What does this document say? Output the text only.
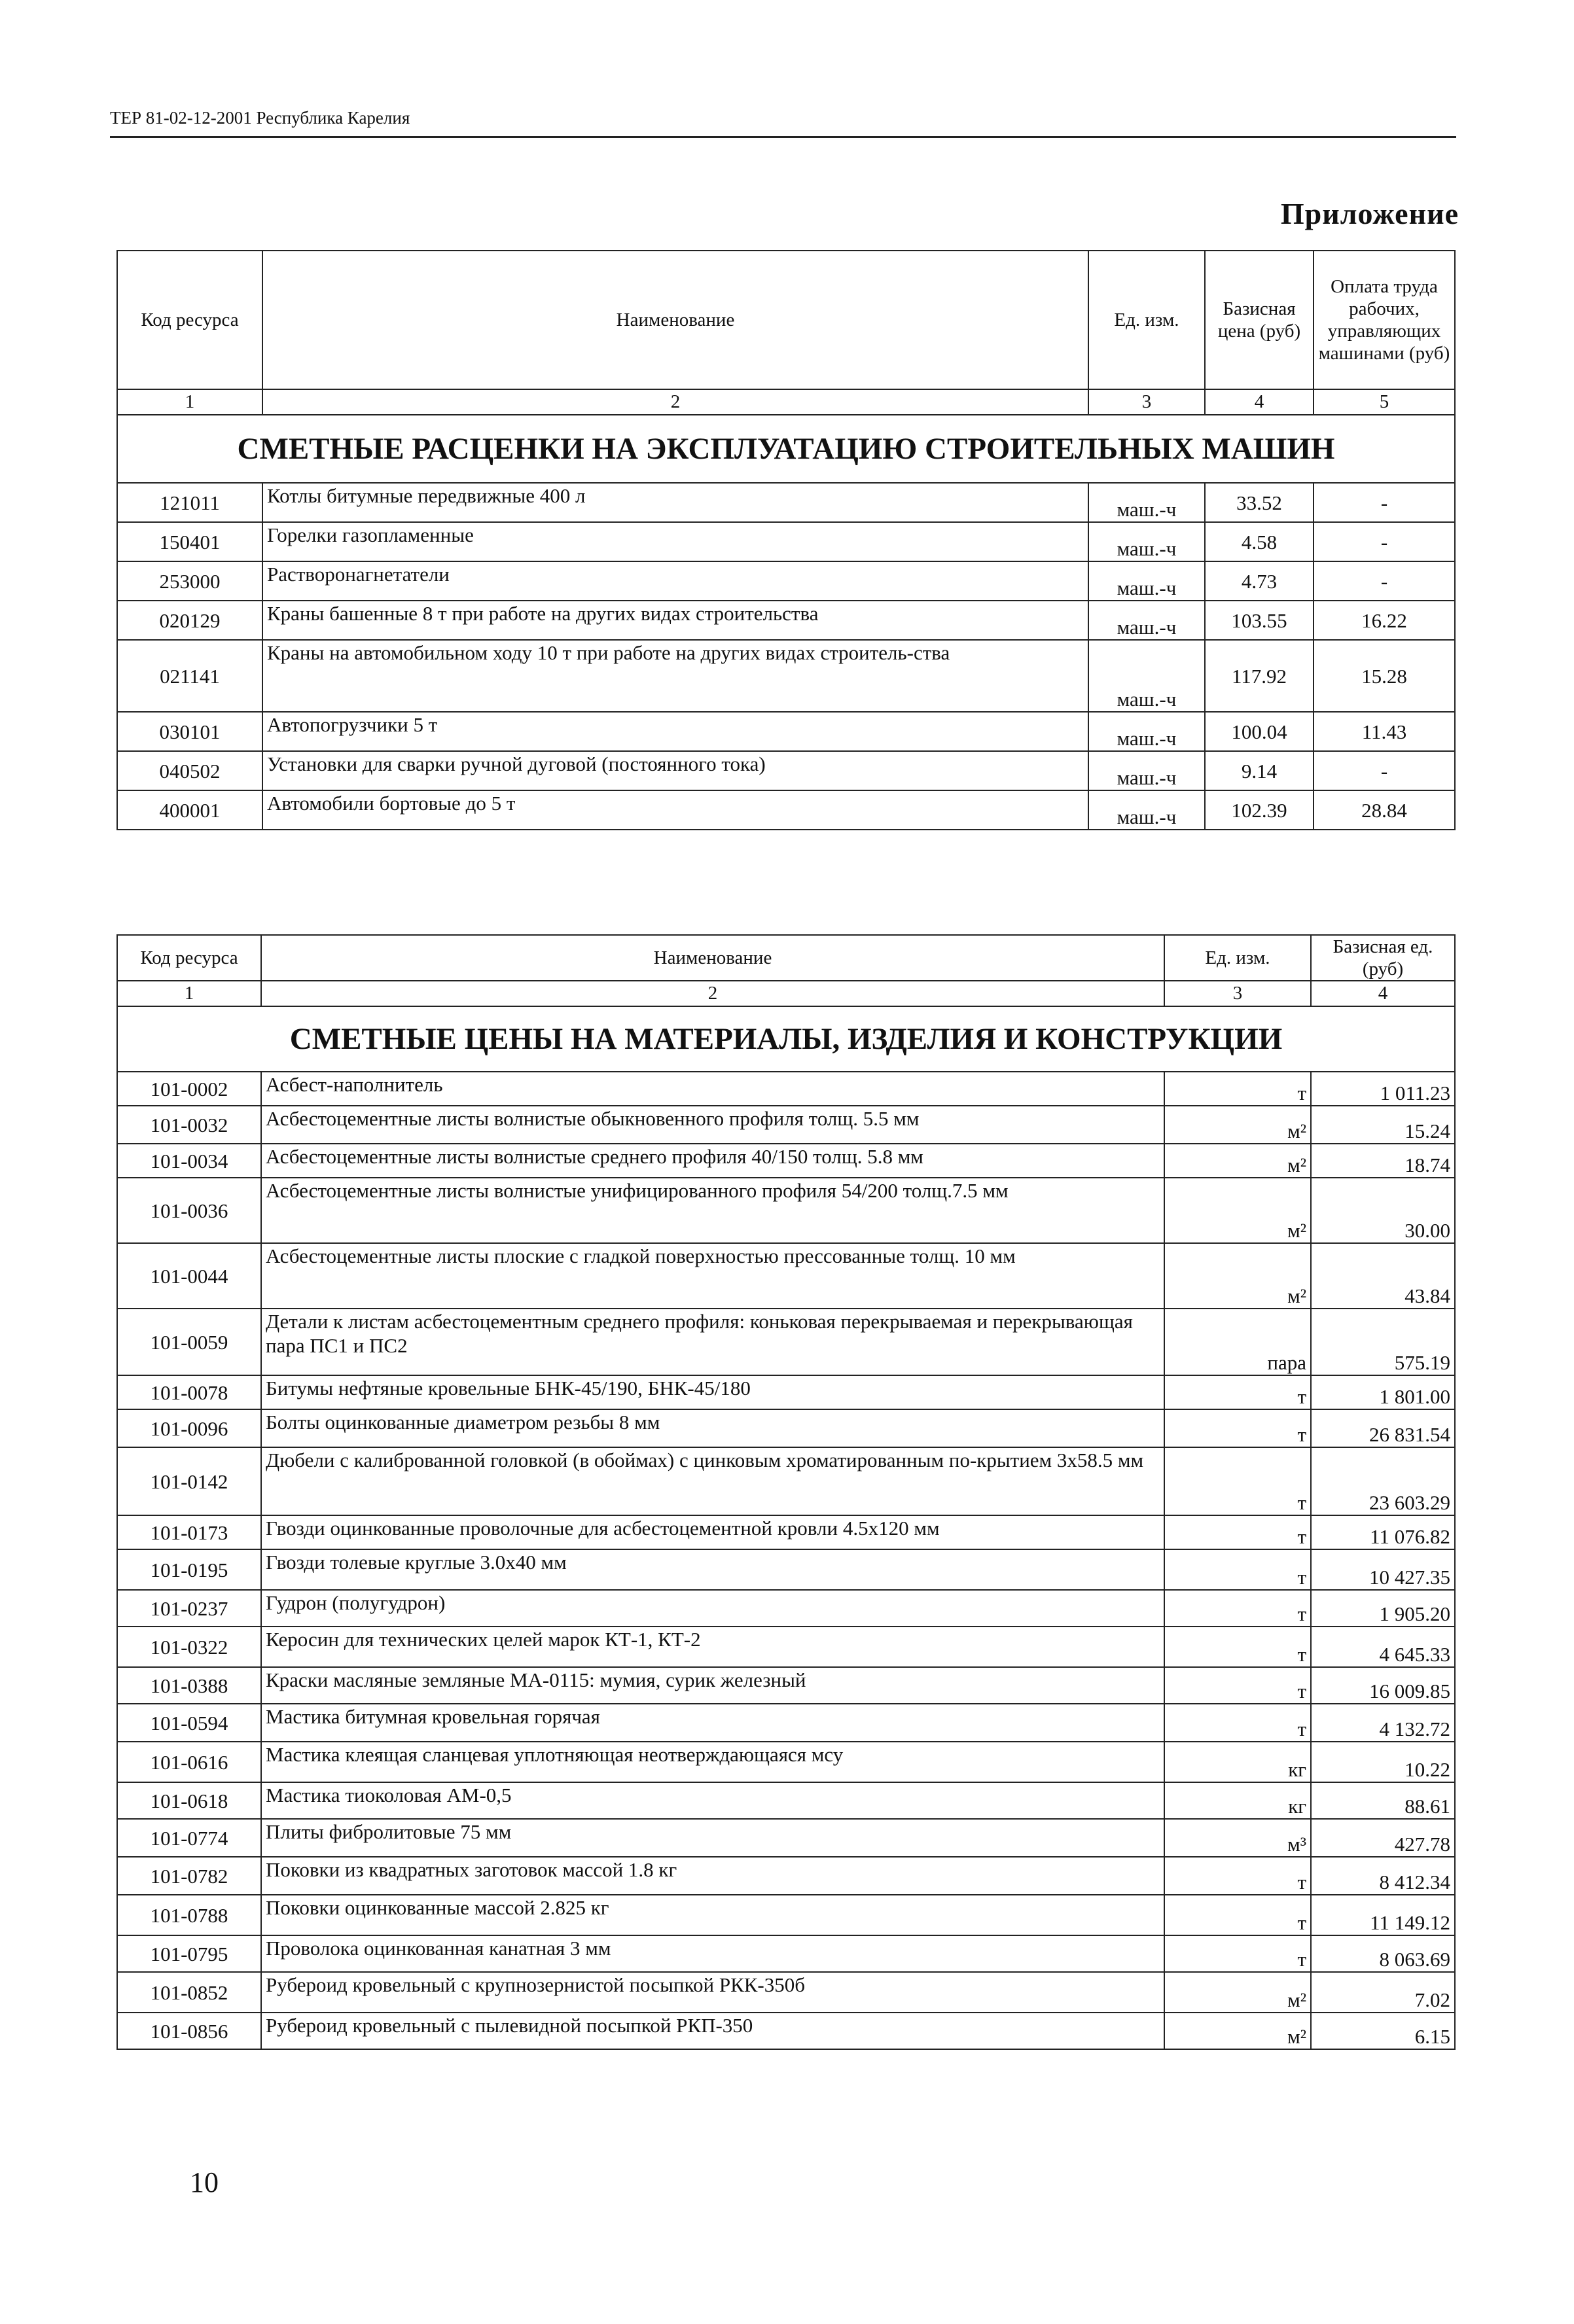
ТЕР 81-02-12-2001 Республика Карелия
Приложение
Код ресурса	Наименование	Ед. изм.	Базисная цена (руб)	Оплата труда рабочих, управляющих машинами (руб)
1	2	3	4	5
СМЕТНЫЕ РАСЦЕНКИ НА ЭКСПЛУАТАЦИЮ СТРОИТЕЛЬНЫХ МАШИН				
121011	Котлы битумные передвижные 400 л	маш.-ч	33.52	-
150401	Горелки газопламенные	маш.-ч	4.58	-
253000	Растворонагнетатели	маш.-ч	4.73	-
020129	Краны башенные 8 т при работе на других видах строительства	маш.-ч	103.55	16.22
021141	Краны на автомобильном ходу 10 т при работе на других видах строитель-ства	маш.-ч	117.92	15.28
030101	Автопогрузчики 5 т	маш.-ч	100.04	11.43
040502	Установки для сварки ручной дуговой (постоянного тока)	маш.-ч	9.14	-
400001	Автомобили бортовые до 5 т	маш.-ч	102.39	28.84
Код ресурса	Наименование	Ед. изм.	Базисная ед. (руб)
1	2	3	4
СМЕТНЫЕ ЦЕНЫ НА МАТЕРИАЛЫ, ИЗДЕЛИЯ И КОНСТРУКЦИИ			
101-0002	Асбест-наполнитель	т	1 011.23
101-0032	Асбестоцементные листы волнистые обыкновенного профиля толщ. 5.5 мм	м²	15.24
101-0034	Асбестоцементные листы волнистые среднего профиля 40/150 толщ. 5.8 мм	м²	18.74
101-0036	Асбестоцементные листы волнистые унифицированного профиля 54/200 толщ.7.5 мм	м²	30.00
101-0044	Асбестоцементные листы плоские с гладкой поверхностью прессованные толщ. 10 мм	м²	43.84
101-0059	Детали к листам асбестоцементным среднего профиля: коньковая перекрываемая и перекрывающая пара ПС1 и ПС2	пара	575.19
101-0078	Битумы нефтяные кровельные БНК-45/190, БНК-45/180	т	1 801.00
101-0096	Болты оцинкованные диаметром резьбы 8 мм	т	26 831.54
101-0142	Дюбели с калиброванной головкой (в обоймах) с цинковым хроматированным по-крытием 3х58.5 мм	т	23 603.29
101-0173	Гвозди оцинкованные проволочные для асбестоцементной кровли 4.5х120 мм	т	11 076.82
101-0195	Гвозди толевые круглые 3.0х40 мм	т	10 427.35
101-0237	Гудрон (полугудрон)	т	1 905.20
101-0322	Керосин для технических целей марок КТ-1, КТ-2	т	4 645.33
101-0388	Краски масляные земляные МА-0115: мумия, сурик железный	т	16 009.85
101-0594	Мастика битумная кровельная горячая	т	4 132.72
101-0616	Мастика клеящая сланцевая уплотняющая неотверждающаяся мсу	кг	10.22
101-0618	Мастика тиоколовая АМ-0,5	кг	88.61
101-0774	Плиты фибролитовые 75 мм	м³	427.78
101-0782	Поковки из квадратных заготовок массой 1.8 кг	т	8 412.34
101-0788	Поковки оцинкованные массой 2.825 кг	т	11 149.12
101-0795	Проволока оцинкованная канатная 3 мм	т	8 063.69
101-0852	Рубероид кровельный с крупнозернистой посыпкой РКК-350б	м²	7.02
101-0856	Рубероид кровельный с пылевидной посыпкой РКП-350	м²	6.15
10
